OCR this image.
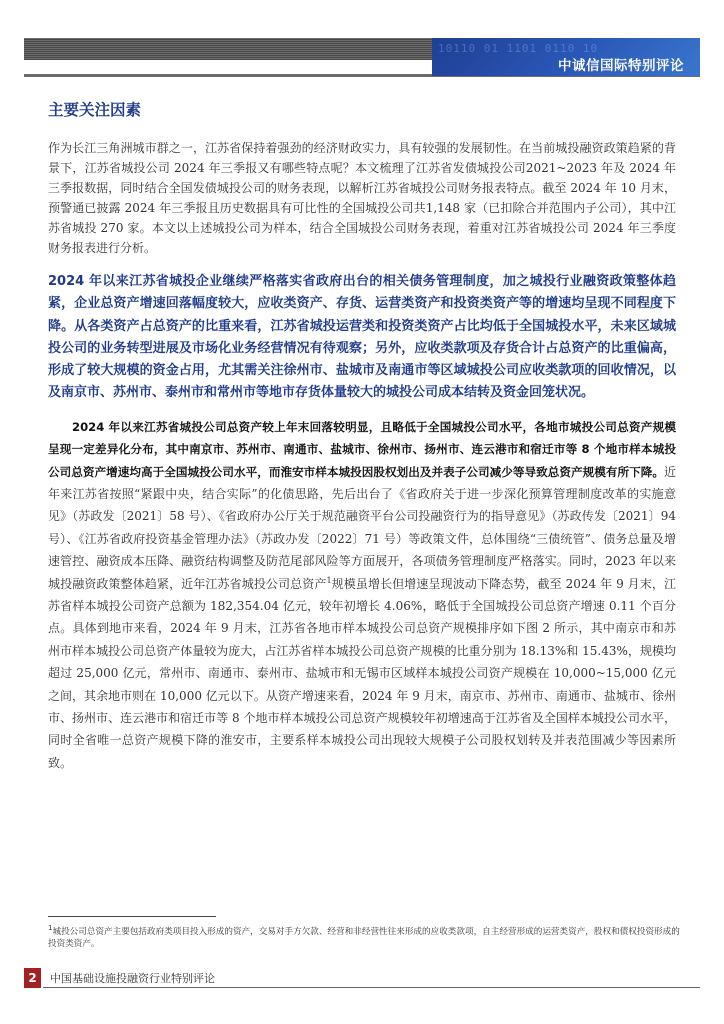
10110 01 1101 0110 10
中诚信国际特别评论
主要关注因素

作为长江三角洲城市群之一，江苏省保持着强劲的经济财政实力，具有较强的发展韧性。在当前城投融资政策趋紧的背景下，江苏省城投公司 2024 年三季报又有哪些特点呢？本文梳理了江苏省发债城投公司2021~2023 年及 2024 年三季报数据，同时结合全国发债城投公司的财务表现，以解析江苏省城投公司财务报表特点。截至 2024 年 10 月末，预警通已披露 2024 年三季报且历史数据具有可比性的全国城投公司共1,148 家（已扣除合并范围内子公司），其中江苏省城投 270 家。本文以上述城投公司为样本，结合全国城投公司财务表现，着重对江苏省城投公司 2024 年三季度财务报表进行分析。

2024 年以来江苏省城投企业继续严格落实省政府出台的相关债务管理制度，加之城投行业融资政策整体趋紧，企业总资产增速回落幅度较大，应收类资产、存货、运营类资产和投资类资产等的增速均呈现不同程度下降。从各类资产占总资产的比重来看，江苏省城投运营类和投资类资产占比均低于全国城投水平，未来区域城投公司的业务转型进展及市场化业务经营情况有待观察；另外，应收类款项及存货合计占总资产的比重偏高，形成了较大规模的资金占用，尤其需关注徐州市、盐城市及南通市等区域城投公司应收类款项的回收情况，以及南京市、苏州市、泰州市和常州市等地市存货体量较大的城投公司成本结转及资金回笼状况。

2024 年以来江苏省城投公司总资产较上年末回落较明显，且略低于全国城投公司水平，各地市城投公司总资产规模呈现一定差异化分布，其中南京市、苏州市、南通市、盐城市、徐州市、扬州市、连云港市和宿迁市等 8 个地市样本城投公司总资产增速均高于全国城投公司水平，而淮安市样本城投因股权划出及并表子公司减少等导致总资产规模有所下降。近年来江苏省按照“紧跟中央，结合实际”的化债思路，先后出台了《省政府关于进一步深化预算管理制度改革的实施意见》（苏政发〔2021〕58 号）、《省政府办公厅关于规范融资平台公司投融资行为的指导意见》（苏政传发〔2021〕94 号）、《江苏省政府投资基金管理办法》（苏政办发〔2022〕71 号）等政策文件，总体围绕“三债统管”、债务总量及增速管控、融资成本压降、融资结构调整及防范尾部风险等方面展开，各项债务管理制度严格落实。同时，2023 年以来城投融资政策整体趋紧，近年江苏省城投公司总资产$^1$规模虽增长但增速呈现波动下降态势，截至 2024 年 9 月末，江苏省样本城投公司资产总额为 182,354.04 亿元，较年初增长 4.06%，略低于全国城投公司总资产增速 0.11 个百分点。具体到地市来看，2024 年 9 月末，江苏省各地市样本城投公司总资产规模排序如下图 2 所示，其中南京市和苏州市样本城投公司总资产体量较为庞大，占江苏省样本城投公司总资产规模的比重分别为 18.13%和 15.43%，规模均超过 25,000 亿元，常州市、南通市、泰州市、盐城市和无锡市区域样本城投公司资产规模在 10,000~15,000 亿元之间，其余地市则在 10,000 亿元以下。从资产增速来看，2024 年 9 月末，南京市、苏州市、南通市、盐城市、徐州市、扬州市、连云港市和宿迁市等 8 个地市样本城投公司总资产规模较年初增速高于江苏省及全国样本城投公司水平，同时全省唯一总资产规模下降的淮安市，主要系样本城投公司出现较大规模子公司股权划转及并表范围减少等因素所致。

$^1$城投公司总资产主要包括政府类项目投入形成的资产，交易对手方欠款、经营和非经营性往来形成的应收类款项，自主经营形成的运营类资产，股权和债权投资形成的投资类资产。
2	中国基础设施投融资行业特别评论
